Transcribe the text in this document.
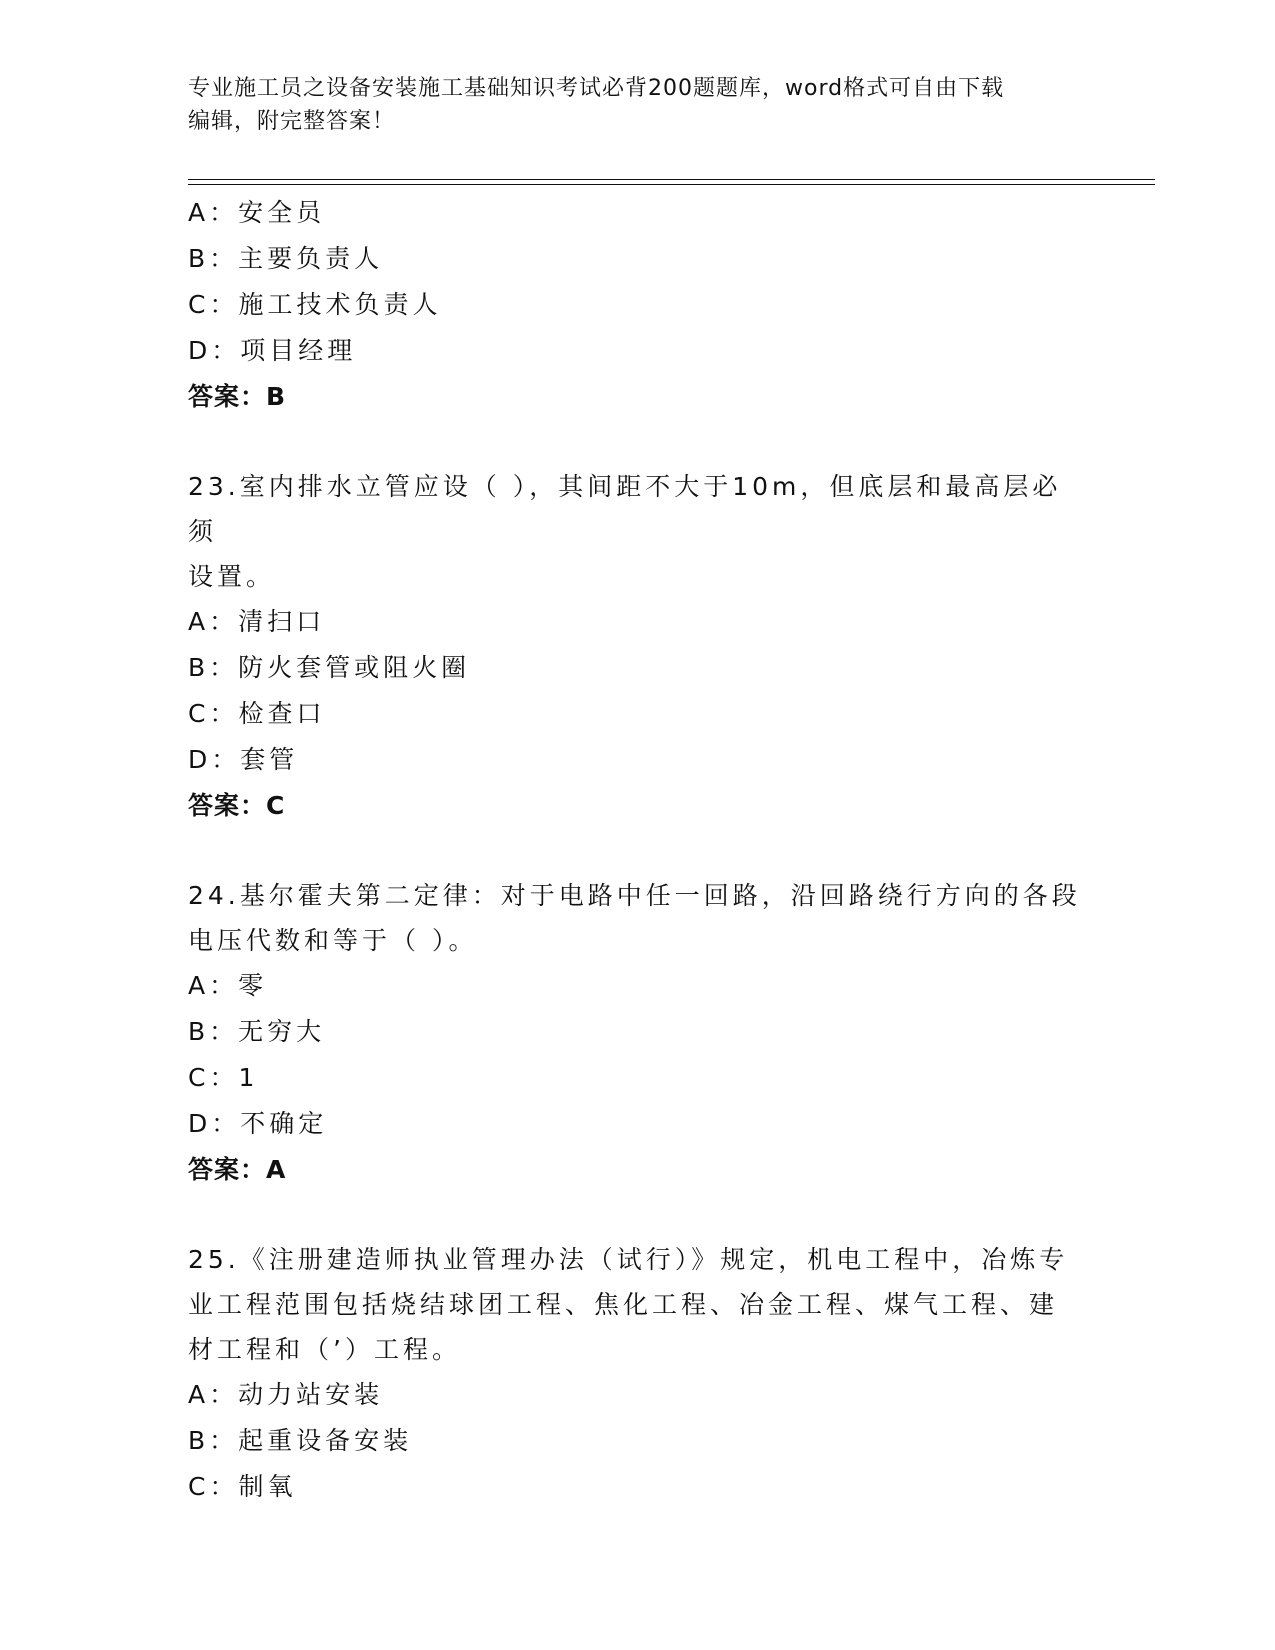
专业施工员之设备安装施工基础知识考试必背200题题库，word格式可自由下载
编辑，附完整答案！
A：安全员
B：主要负责人
C：施工技术负责人
D：项目经理
答案：B
23.室内排水立管应设（ ），其间距不大于10m，但底层和最高层必须
设置。
A：清扫口
B：防火套管或阻火圈
C：检查口
D：套管
答案：C
24.基尔霍夫第二定律：对于电路中任一回路，沿回路绕行方向的各段
电压代数和等于（ ）。
A：零
B：无穷大
C：1
D：不确定
答案：A
25.《注册建造师执业管理办法（试行）》规定，机电工程中，冶炼专
业工程范围包括烧结球团工程、焦化工程、冶金工程、煤气工程、建
材工程和（’）工程。
A：动力站安装
B：起重设备安装
C：制氧
